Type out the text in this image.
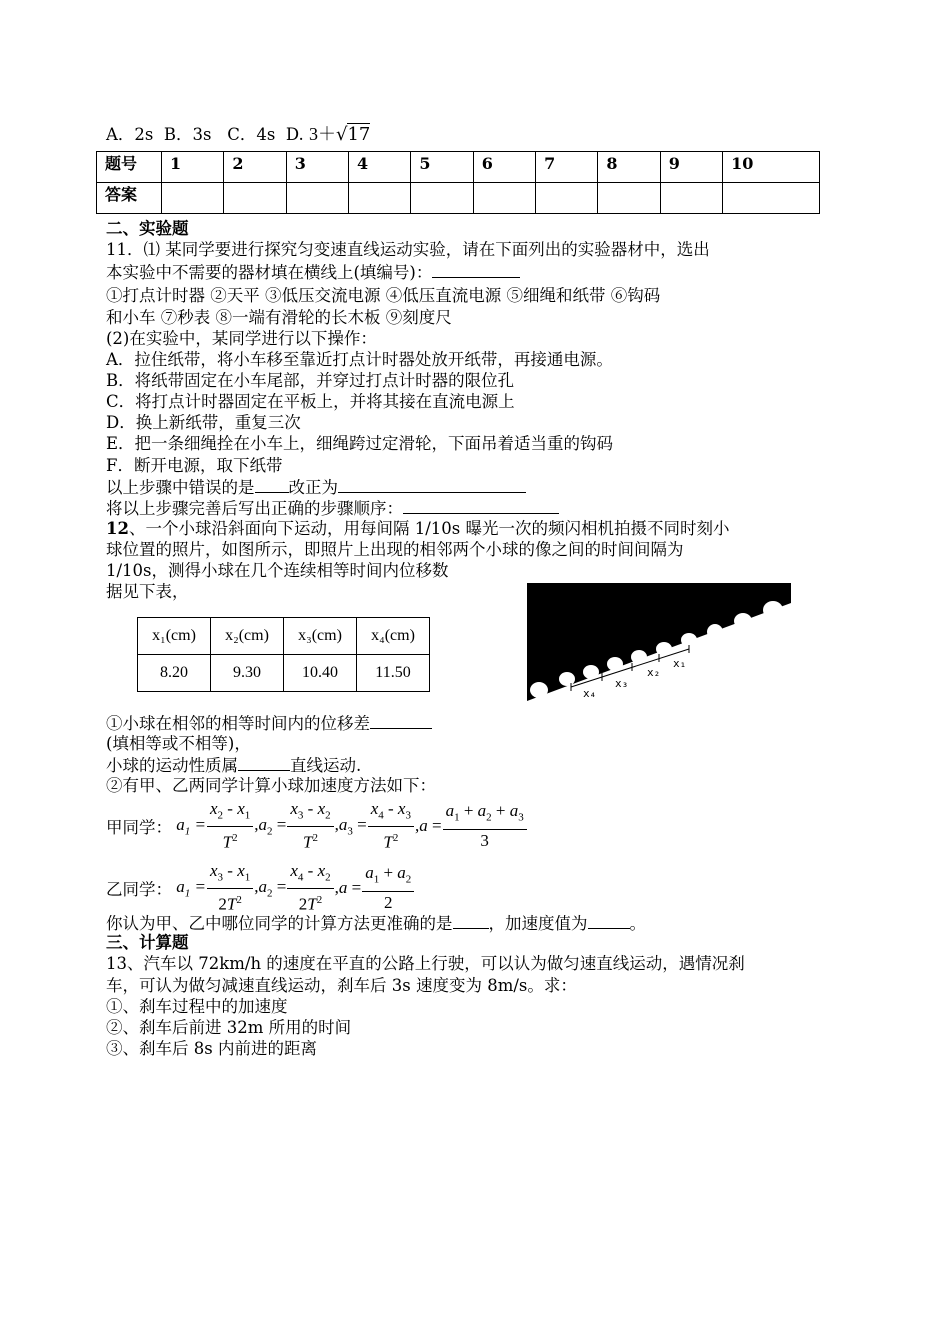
A．2s B．3s C．4s D. 3＋√17
题号	1	2	3	4	5	6	7	8	9	10
答案										
二、实验题
11．⑴ 某同学要进行探究匀变速直线运动实验，请在下面列出的实验器材中，选出
本实验中不需要的器材填在横线上(填编号)：
①打点计时器 ②天平 ③低压交流电源 ④低压直流电源 ⑤细绳和纸带 ⑥钩码
和小车 ⑦秒表 ⑧一端有滑轮的长木板 ⑨刻度尺
(2)在实验中，某同学进行以下操作：
A．拉住纸带，将小车移至靠近打点计时器处放开纸带，再接通电源。
B．将纸带固定在小车尾部，并穿过打点计时器的限位孔
C．将打点计时器固定在平板上，并将其接在直流电源上
D．换上新纸带，重复三次
E．把一条细绳拴在小车上，细绳跨过定滑轮，下面吊着适当重的钩码
F．断开电源，取下纸带
以上步骤中错误的是 改正为
将以上步骤完善后写出正确的步骤顺序：
12、一个小球沿斜面向下运动，用每间隔 1/10s 曝光一次的频闪相机拍摄不同时刻小
球位置的照片，如图所示，即照片上出现的相邻两个小球的像之间的时间间隔为
1/10s，测得小球在几个连续相等时间内位移数
据见下表，
x₁(cm)	x₂(cm)	x₃(cm)	x₄(cm)
8.20	9.30	10.40	11.50
x₁
x₂
x₃
x₄
①小球在相邻的相等时间内的位移差
(填相等或不相等)，
小球的运动性质属	直线运动.
②有甲、乙两同学计算小球加速度方法如下：
甲同学： $a_1 = \frac{x_2 - x_1}{T^2} ,a_2 = \frac{x_3 - x_2}{T^2} ,a_3 = \frac{x_4 - x_3}{T^2} ,a = \frac{a_1 + a_2 + a_3}{3}$
乙同学： $a_1 = \frac{x_3 - x_1}{2T^2} ,a_2 = \frac{x_4 - x_2}{2T^2} ,a = \frac{a_1 + a_2}{2}$
你认为甲、乙中哪位同学的计算方法更准确的是 ，加速度值为	。
三、计算题
13、汽车以 72km/h 的速度在平直的公路上行驶，可以认为做匀速直线运动，遇情况刹
车，可认为做匀减速直线运动，刹车后 3s 速度变为 8m/s。求：
①、刹车过程中的加速度
②、刹车后前进 32m 所用的时间
③、刹车后 8s 内前进的距离
